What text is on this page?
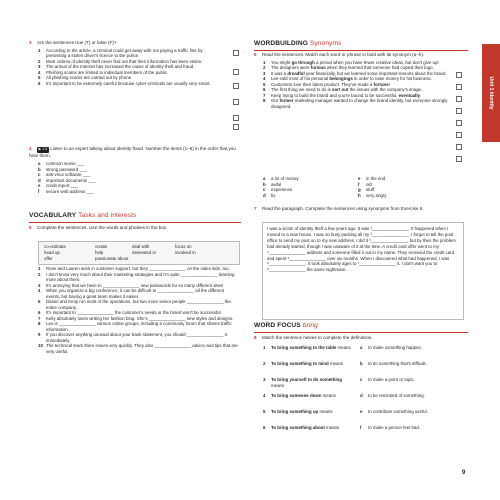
Unit 1 Identity
3 Are the sentences true (T) or false (F)?
1 According to the article, a criminal could get away with not paying a traffic fine by presenting a stolen driver's licence to the police.
2 Most victims of identity theft never find out that their information has been stolen.
3 The arrival of the Internet has increased the cases of identity theft and fraud.
4 Phishing scams are limited to individual members of the public.
5 All phishing scams are carried out by phone.
6 It's important to be extremely careful because cyber-criminals are usually very smart.
4 ▶ 1.5 Listen to an expert talking about identity fraud. Number the items (1–6) in the order that you hear them.
a common sense ___
b strong password ___
c anti-virus software ___
d important documents ___
e credit report ___
f secure web address ___
VOCABULARY Tasks and interests
5 Complete the sentences. Use the words and phrases in the box.
co-ordinate	create	deal with	focus on
head up	help	interested in	involved in
offer	passionate about
1 Rose and Lauren work in customer support, but they _______________ on the sales side, too.
2 I don't know very much about their marketing strategies and I'm quite _______________ learning more about them.
3 It's annoying that we have to _______________ new passwords for so many different sites!
4 When you organize a big conference, it can be difficult to _______________ all the different events, but having a great team makes it easier.
5 Daniel and Kenji run most of the operations, but two more senior people _______________ the entire company.
6 It's important to _______________ the customer's needs or the brand won't be successful.
7 Kelly absolutely loves writing her fashion blog. She's _______________ new styles and designs.
8 Leo is _______________ various online groups, including a community forum that shares traffic information.
9 If you discover anything unusual about your bank statement, you should _______________ it immediately.
10 The technical team there issues very quickly. They also _______________ advice and tips that are very useful.
WORDBUILDING Synonyms
6 Read the sentences. Match each word or phrase in bold with its synonym (a–h).
1 You might go through a period when you have fewer creative ideas, but don't give up!
2 The designers were furious when they learned that someone had copied their logo.
3 It was a dreadful year financially, but we learned some important lessons about the brand.
4 Lee sold most of his personal belongings in order to raise money for his business.
5 Customers love their latest product. They've made a fortune!
6 The first thing we need to do is sort out the issues with the company's image.
7 Keep trying to build the brand and you're bound to be successful, eventually.
8 Our former marketing manager wanted to change the brand identity, but everyone strongly disagreed.
a a lot of money
b awful
c experience
d fix
e in the end
f old
g stuff
h very angry
7 Read the paragraph. Complete the sentences using synonyms from Exercise 6.
I was a victim of identity theft a few years ago. It was ¹_______________. It happened when I moved to a new house. I was so busy packing all my ²_______________, I forgot to tell the post office to send my post on to my new address. I did it ³_______________, but by then the problem had already started, though I was unaware of it at the time. A credit card offer went to my ⁴_______________ address and someone filled it out in my name. They received the credit card and spent ⁵_______________ over six months. When I discovered what had happened, I was ⁶_______________. It took absolutely ages to ⁷_______________ it. I don't want you to ⁸_______________ the same nightmare.
WORD FOCUS bring
8 Match the sentence halves to complete the definitions.
1 To bring something to the table means
2 To bring something to mind means
3 To bring yourself to do something means
4 To bring someone down means
5 To bring something up means
6 To bring something about means
a to make something happen.
b to do something that's difficult.
c to make a point or topic.
d to be reminded of something.
e to contribute something useful.
f to make a person feel bad.
9
